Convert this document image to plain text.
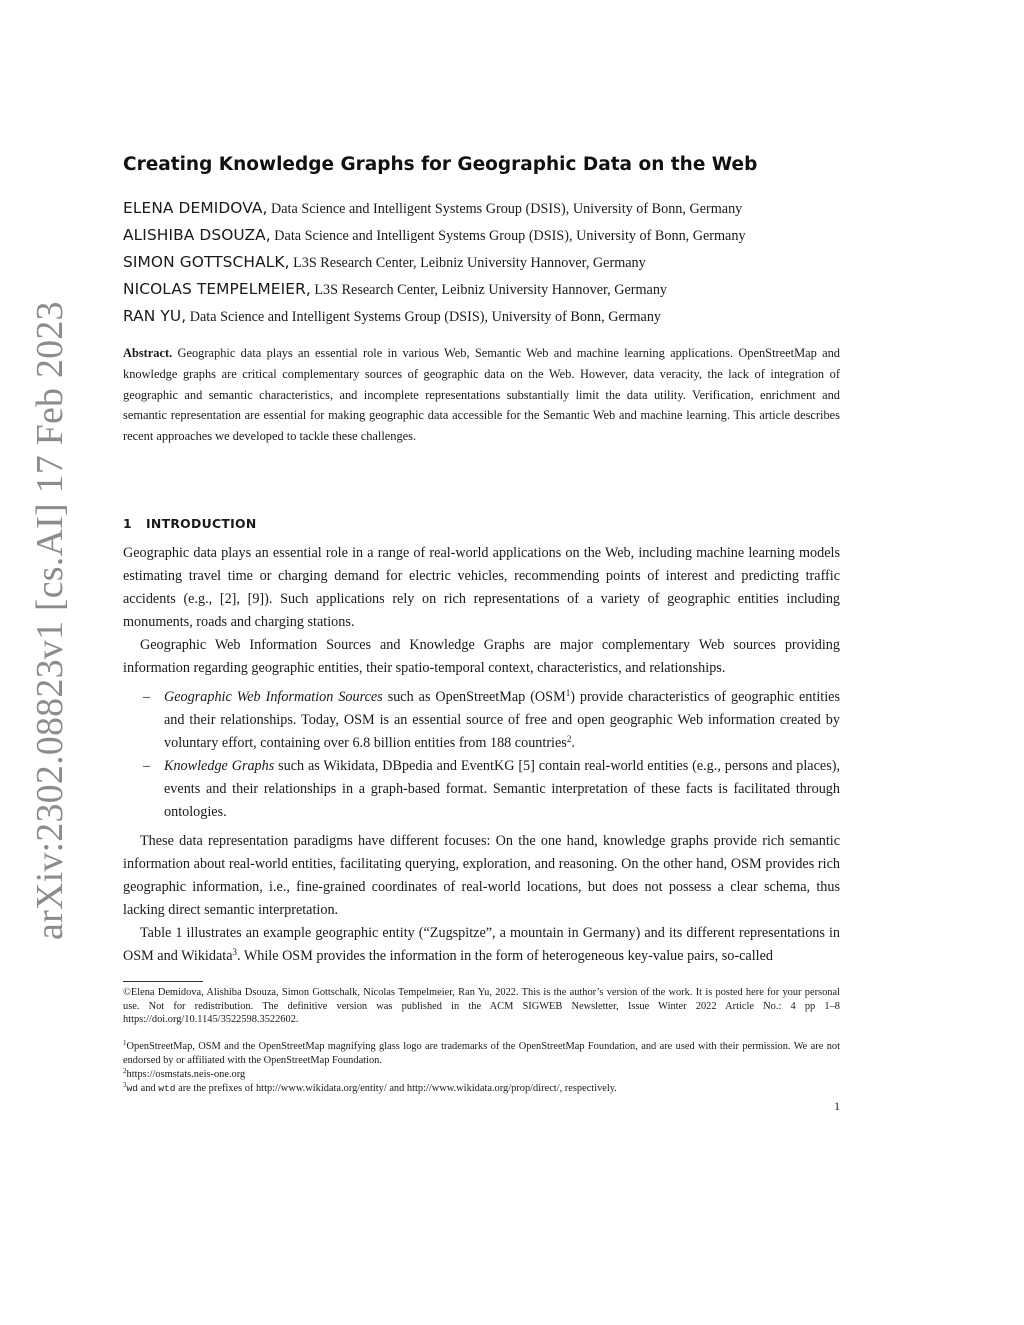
arXiv:2302.08823v1 [cs.AI] 17 Feb 2023
Creating Knowledge Graphs for Geographic Data on the Web
ELENA DEMIDOVA, Data Science and Intelligent Systems Group (DSIS), University of Bonn, Germany
ALISHIBA DSOUZA, Data Science and Intelligent Systems Group (DSIS), University of Bonn, Germany
SIMON GOTTSCHALK, L3S Research Center, Leibniz University Hannover, Germany
NICOLAS TEMPELMEIER, L3S Research Center, Leibniz University Hannover, Germany
RAN YU, Data Science and Intelligent Systems Group (DSIS), University of Bonn, Germany

Abstract. Geographic data plays an essential role in various Web, Semantic Web and machine learning applications. OpenStreetMap and knowledge graphs are critical complementary sources of geographic data on the Web. However, data veracity, the lack of integration of geographic and semantic characteristics, and incomplete representations substantially limit the data utility. Verification, enrichment and semantic representation are essential for making geographic data accessible for the Semantic Web and machine learning. This article describes recent approaches we developed to tackle these challenges.

1 INTRODUCTION

Geographic data plays an essential role in a range of real-world applications on the Web, including machine learning models estimating travel time or charging demand for electric vehicles, recommending points of interest and predicting traffic accidents (e.g., [2], [9]). Such applications rely on rich representations of a variety of geographic entities including monuments, roads and charging stations.

Geographic Web Information Sources and Knowledge Graphs are major complementary Web sources providing information regarding geographic entities, their spatio-temporal context, characteristics, and relationships.

– Geographic Web Information Sources such as OpenStreetMap (OSM$^1$) provide characteristics of geographic entities and their relationships. Today, OSM is an essential source of free and open geographic Web information created by voluntary effort, containing over 6.8 billion entities from 188 countries$^2$.

– Knowledge Graphs such as Wikidata, DBpedia and EventKG [5] contain real-world entities (e.g., persons and places), events and their relationships in a graph-based format. Semantic interpretation of these facts is facilitated through ontologies.

These data representation paradigms have different focuses: On the one hand, knowledge graphs provide rich semantic information about real-world entities, facilitating querying, exploration, and reasoning. On the other hand, OSM provides rich geographic information, i.e., fine-grained coordinates of real-world locations, but does not possess a clear schema, thus lacking direct semantic interpretation.

Table 1 illustrates an example geographic entity (“Zugspitze”, a mountain in Germany) and its different representations in OSM and Wikidata$^3$. While OSM provides the information in the form of heterogeneous key-value pairs, so-called

©Elena Demidova, Alishiba Dsouza, Simon Gottschalk, Nicolas Tempelmeier, Ran Yu, 2022. This is the author’s version of the work. It is posted here for your personal use. Not for redistribution. The definitive version was published in the ACM SIGWEB Newsletter, Issue Winter 2022 Article No.: 4 pp 1–8 https://doi.org/10.1145/3522598.3522602.

$^1$OpenStreetMap, OSM and the OpenStreetMap magnifying glass logo are trademarks of the OpenStreetMap Foundation, and are used with their permission. We are not endorsed by or affiliated with the OpenStreetMap Foundation.

$^2$https://osmstats.neis-one.org

$^3$wd and wtd are the prefixes of http://www.wikidata.org/entity/ and http://www.wikidata.org/prop/direct/, respectively.

1
